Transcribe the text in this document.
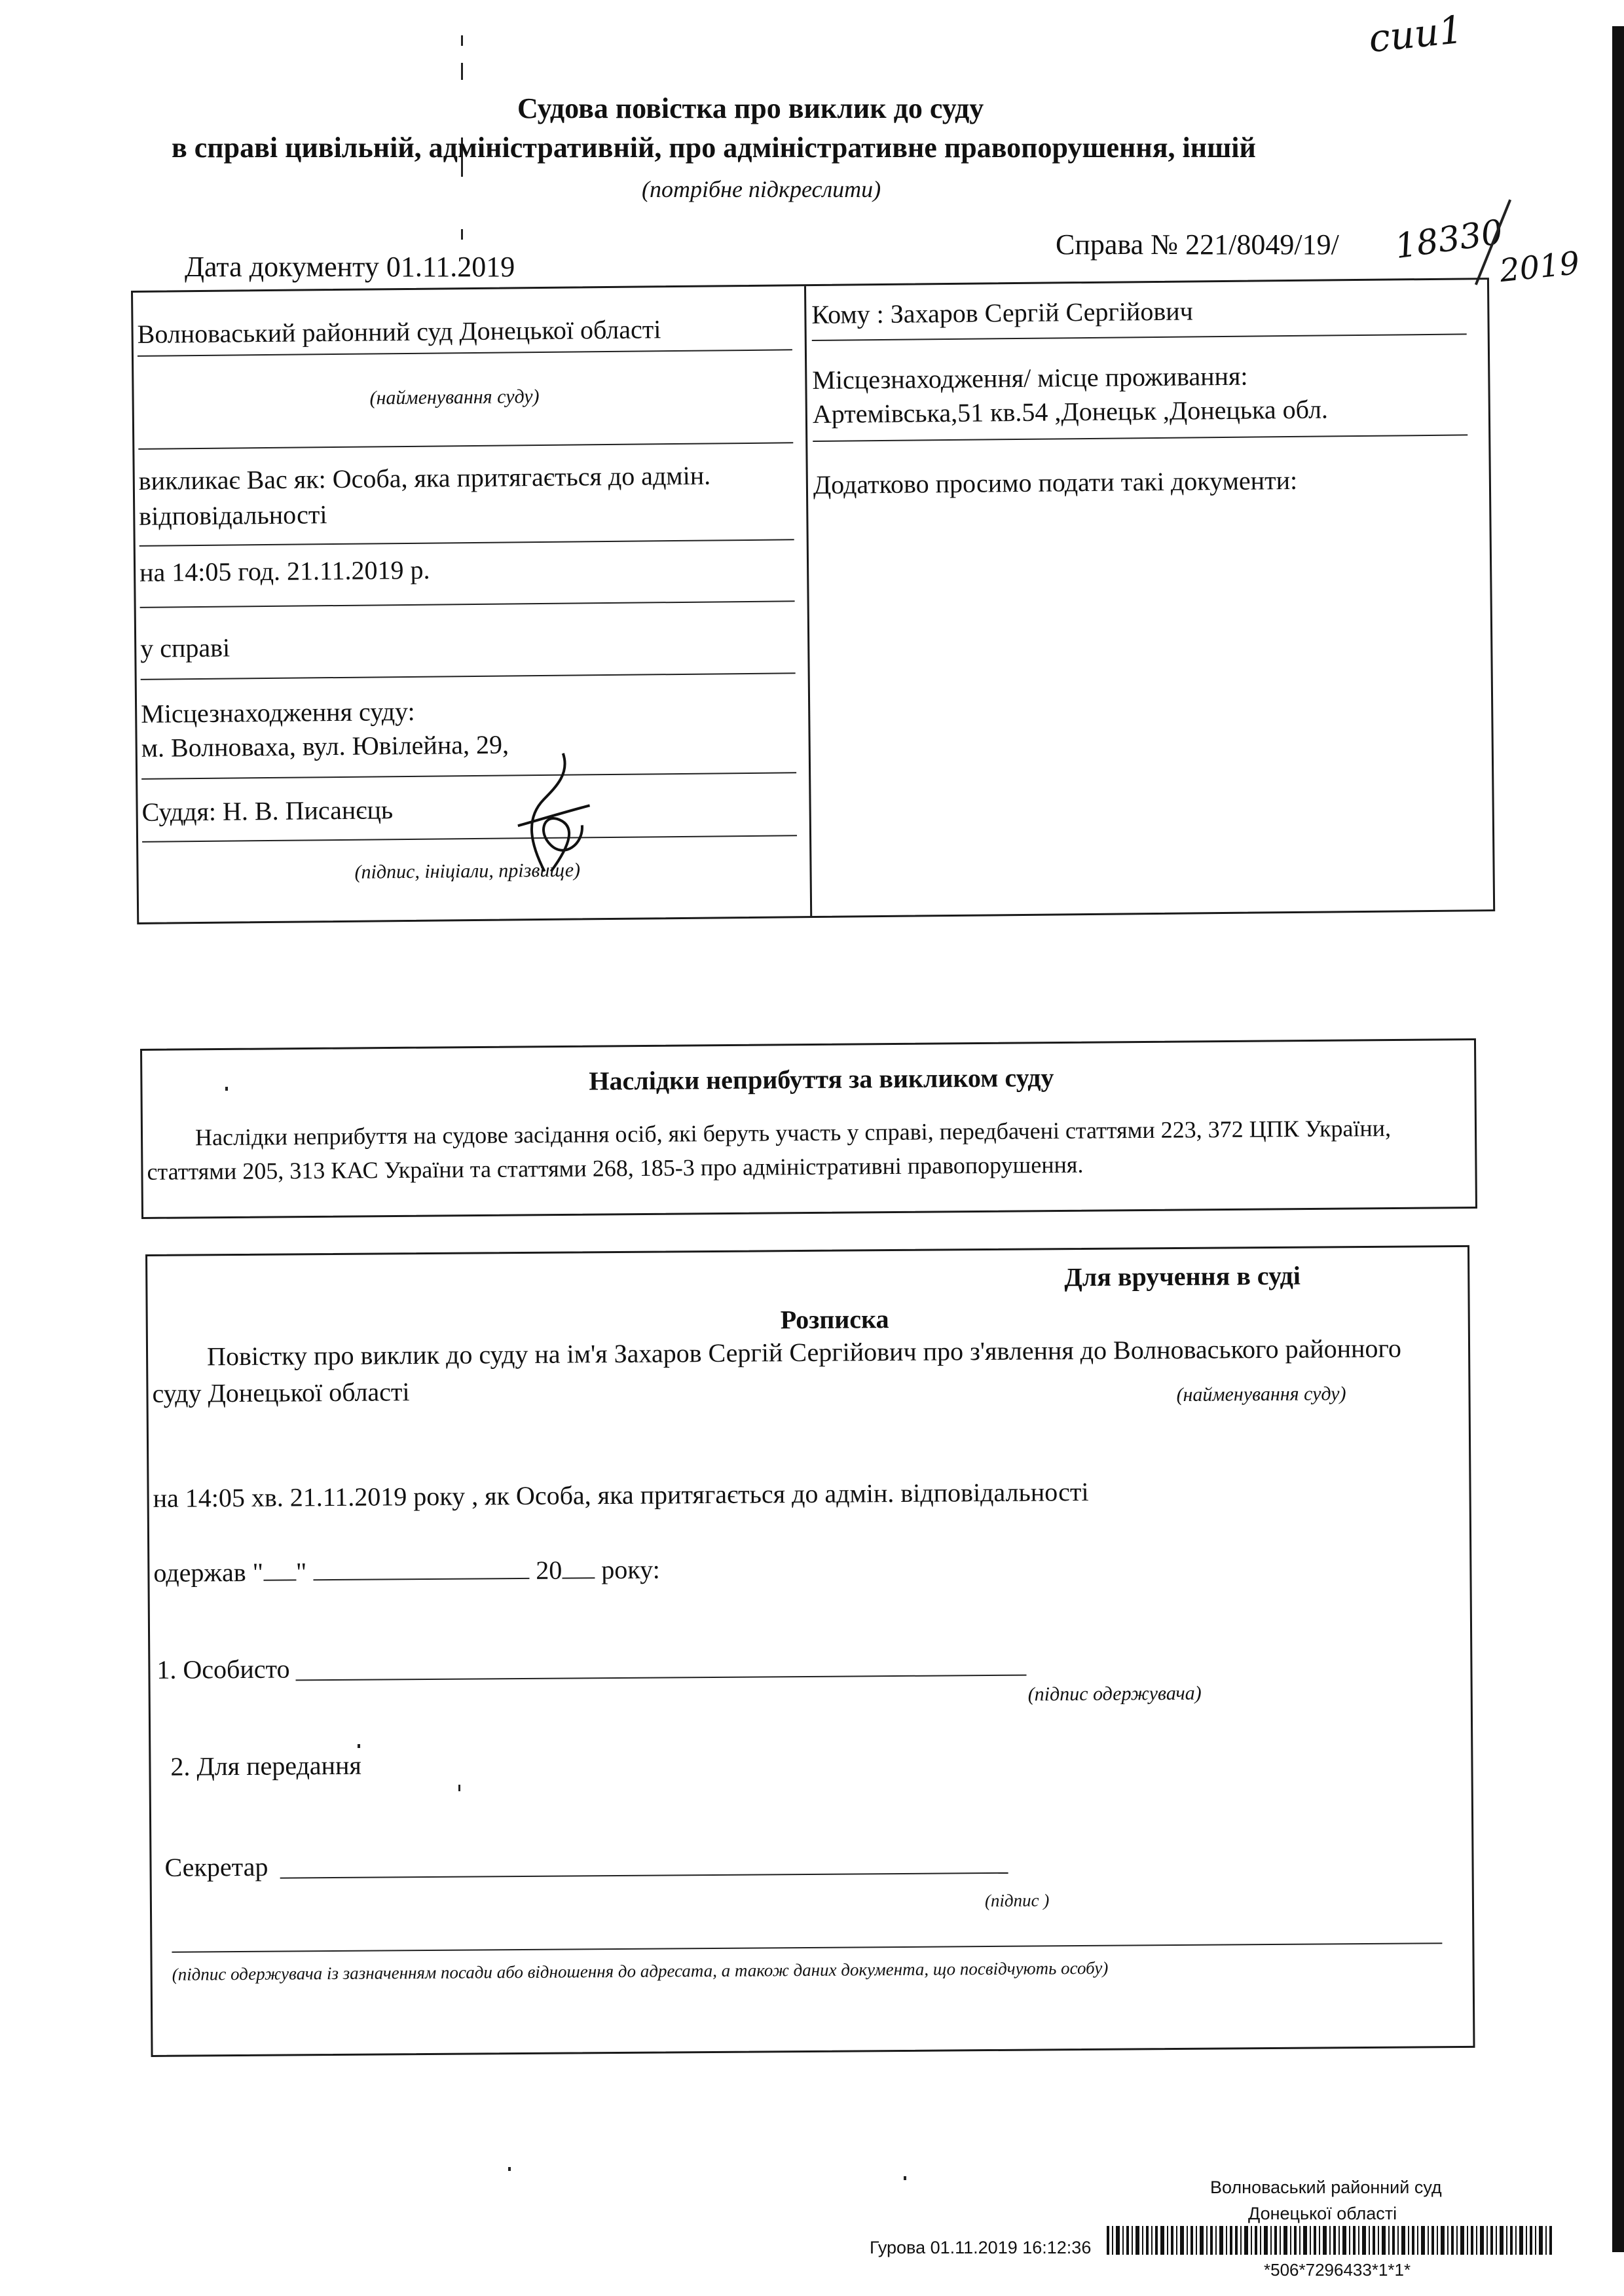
сии1
Судова повістка про виклик до суду
в справі цивільній, адміністративній, про адміністративне правопорушення, іншій
(потрібне підкреслити)
Дата документу 01.11.2019
Справа № 221/8049/19/ 18330
2019
Волноваський районний суд Донецької області
(найменування суду)
викликає Вас як: Особа, яка притягається до адмін.
відповідальності
на 14:05 год. 21.11.2019 р.
у справі
Місцезнаходження суду:
м. Волноваха, вул. Ювілейна, 29,
Суддя: Н. В. Писанєць
(підпис, ініціали, прізвище)
Кому : Захаров Сергій Сергійович
Місцезнаходження/ місце проживання:
Артемівська,51 кв.54 ,Донецьк ,Донецька обл.
Додатково просимо подати такі документи:
Наслідки неприбуття за викликом суду
Наслідки неприбуття на судове засідання осіб, які беруть участь у справі, передбачені статтями 223, 372 ЦПК України,
статтями 205, 313 КАС України та статтями 268, 185-3 про адміністративні правопорушення.
Для вручення в суді
Розписка
Повістку про виклик до суду на ім'я Захаров Сергій Сергійович про з'явлення до Волноваського районного
суду Донецької області	(найменування суду)
на 14:05 хв. 21.11.2019 року , як Особа, яка притягається до адмін. відповідальності
одержав " "	20 року:
1. Особисто
(підпис одержувача)
2. Для передання
Секретар
(підпис )
(підпис одержувача із зазначенням посади або відношення до адресата, а також даних документа, що посвідчують особу)
Волноваський районний суд
Донецької області
Гурова 01.11.2019 16:12:36
*506*7296433*1*1*
